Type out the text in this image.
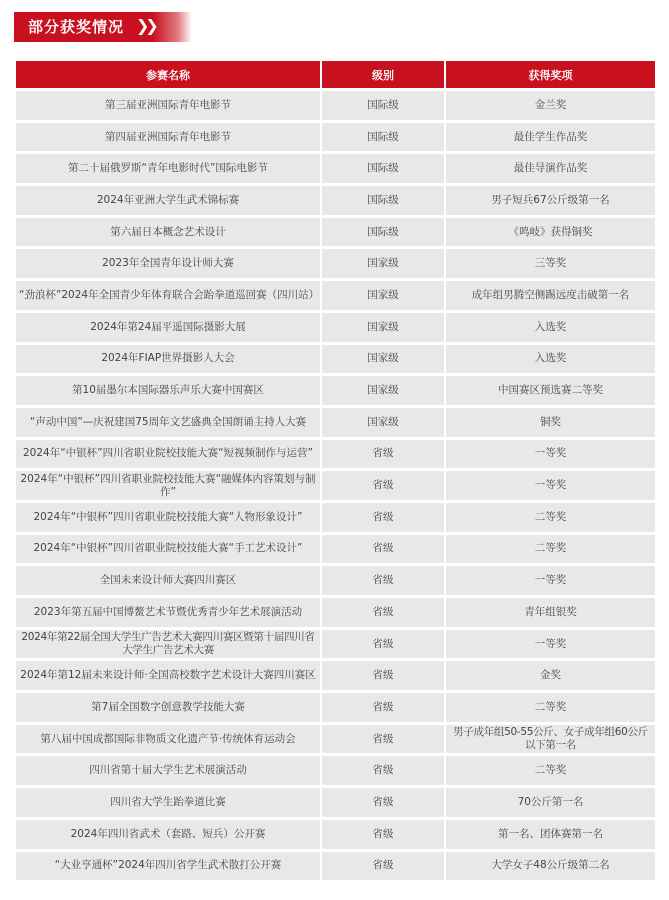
部分获奖情况 ❯❯
参赛名称	级别	获得奖项
第三届亚洲国际青年电影节	国际级	金兰奖
第四届亚洲国际青年电影节	国际级	最佳学生作品奖
第二十届俄罗斯“青年电影时代”国际电影节	国际级	最佳导演作品奖
2024年亚洲大学生武术锦标赛	国际级	男子短兵67公斤级第一名
第六届日本概念艺术设计	国际级	《鸣岐》获得铜奖
2023年全国青年设计师大赛	国家级	三等奖
“劲浪杯”2024年全国青少年体育联合会跆拳道巡回赛（四川站）	国家级	成年组男腾空侧踢远度击破第一名
2024年第24届平遥国际摄影大展	国家级	入选奖
2024年FIAP世界摄影人大会	国家级	入选奖
第10届墨尔本国际器乐声乐大赛中国赛区	国家级	中国赛区预选赛二等奖
“声动中国”—庆祝建国75周年文艺盛典全国朗诵主持人大赛	国家级	铜奖
2024年“中银杯”四川省职业院校技能大赛“短视频制作与运营”	省级	一等奖
2024年“中银杯”四川省职业院校技能大赛“融媒体内容策划与制作”	省级	一等奖
2024年“中银杯”四川省职业院校技能大赛“人物形象设计”	省级	二等奖
2024年“中银杯”四川省职业院校技能大赛“手工艺术设计”	省级	二等奖
全国未来设计师大赛四川赛区	省级	一等奖
2023年第五届中国博鳌艺术节暨优秀青少年艺术展演活动	省级	青年组银奖
2024年第22届全国大学生广告艺术大赛四川赛区暨第十届四川省大学生广告艺术大赛	省级	一等奖
2024年第12届未来设计师·全国高校数字艺术设计大赛四川赛区	省级	金奖
第7届全国数字创意教学技能大赛	省级	二等奖
第八届中国成都国际非物质文化遗产节·传统体育运动会	省级	男子成年组50-55公斤、女子成年组60公斤以下第一名
四川省第十届大学生艺术展演活动	省级	二等奖
四川省大学生跆拳道比赛	省级	70公斤第一名
2024年四川省武术（套路、短兵）公开赛	省级	第一名、团体赛第一名
“大业亨通杯”2024年四川省学生武术散打公开赛	省级	大学女子48公斤级第二名
